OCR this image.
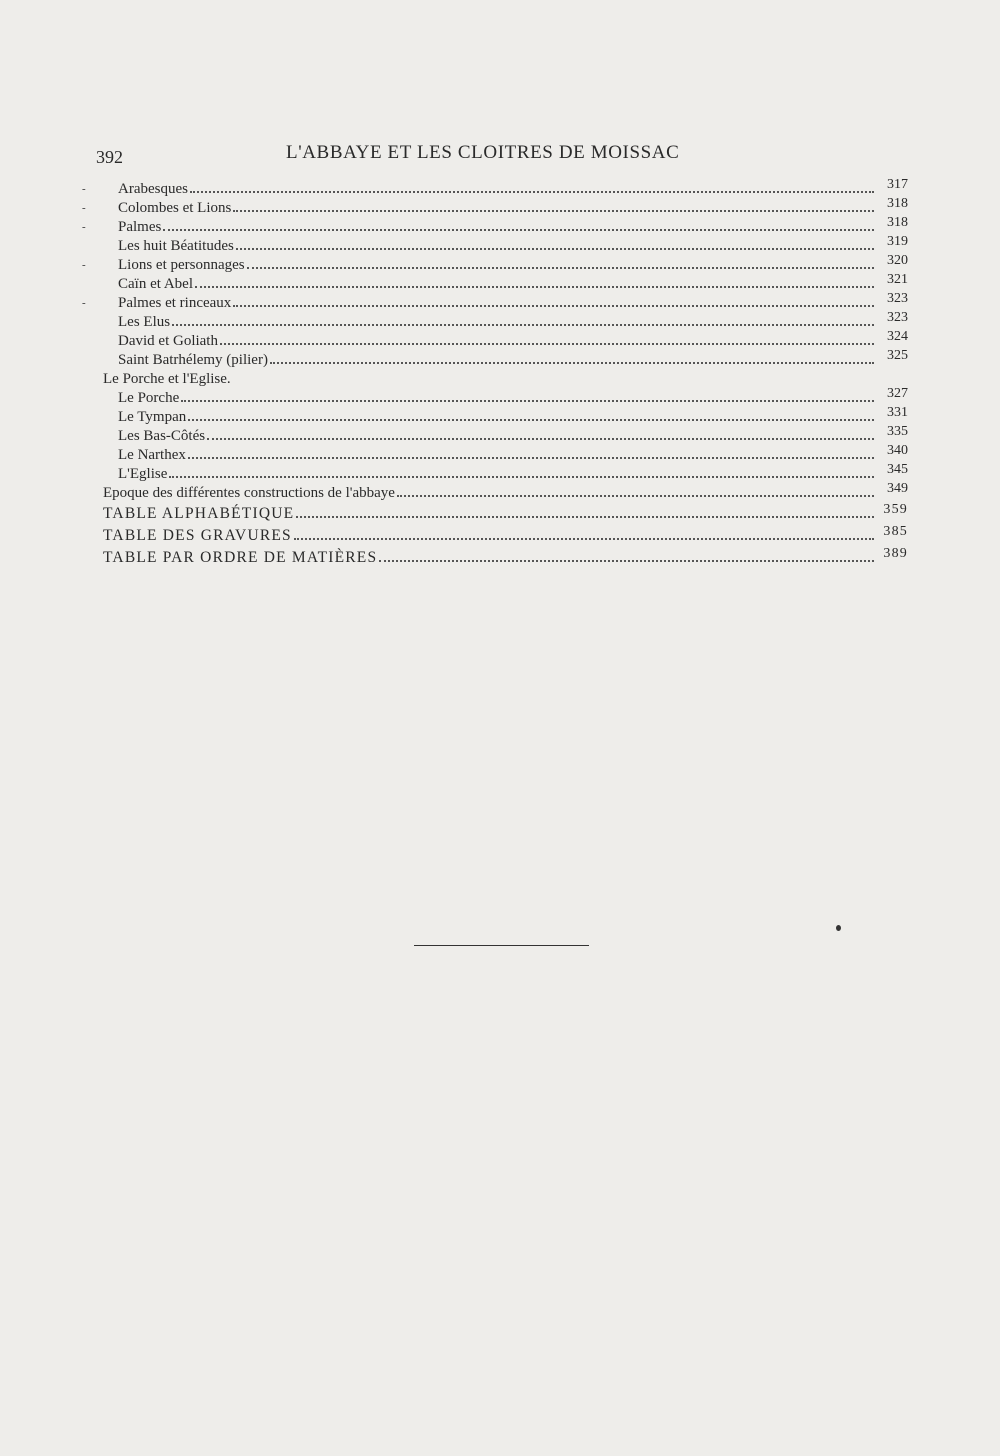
392	L'ABBAYE ET LES CLOITRES DE MOISSAC
- Arabesques	317
- Colombes et Lions	318
- Palmes	318
Les huit Béatitudes	319
- Lions et personnages	320
Caïn et Abel	321
- Palmes et rinceaux	323
Les Elus	323
David et Goliath	324
Saint Batrhélemy (pilier)	325
Le Porche et l'Eglise.
Le Porche	327
Le Tympan	331
Les Bas-Côtés	335
Le Narthex	340
L'Eglise	345
Epoque des différentes constructions de l'abbaye	349
TABLE ALPHABÉTIQUE	359
TABLE DES GRAVURES	385
TABLE PAR ORDRE DE MATIÈRES	389
